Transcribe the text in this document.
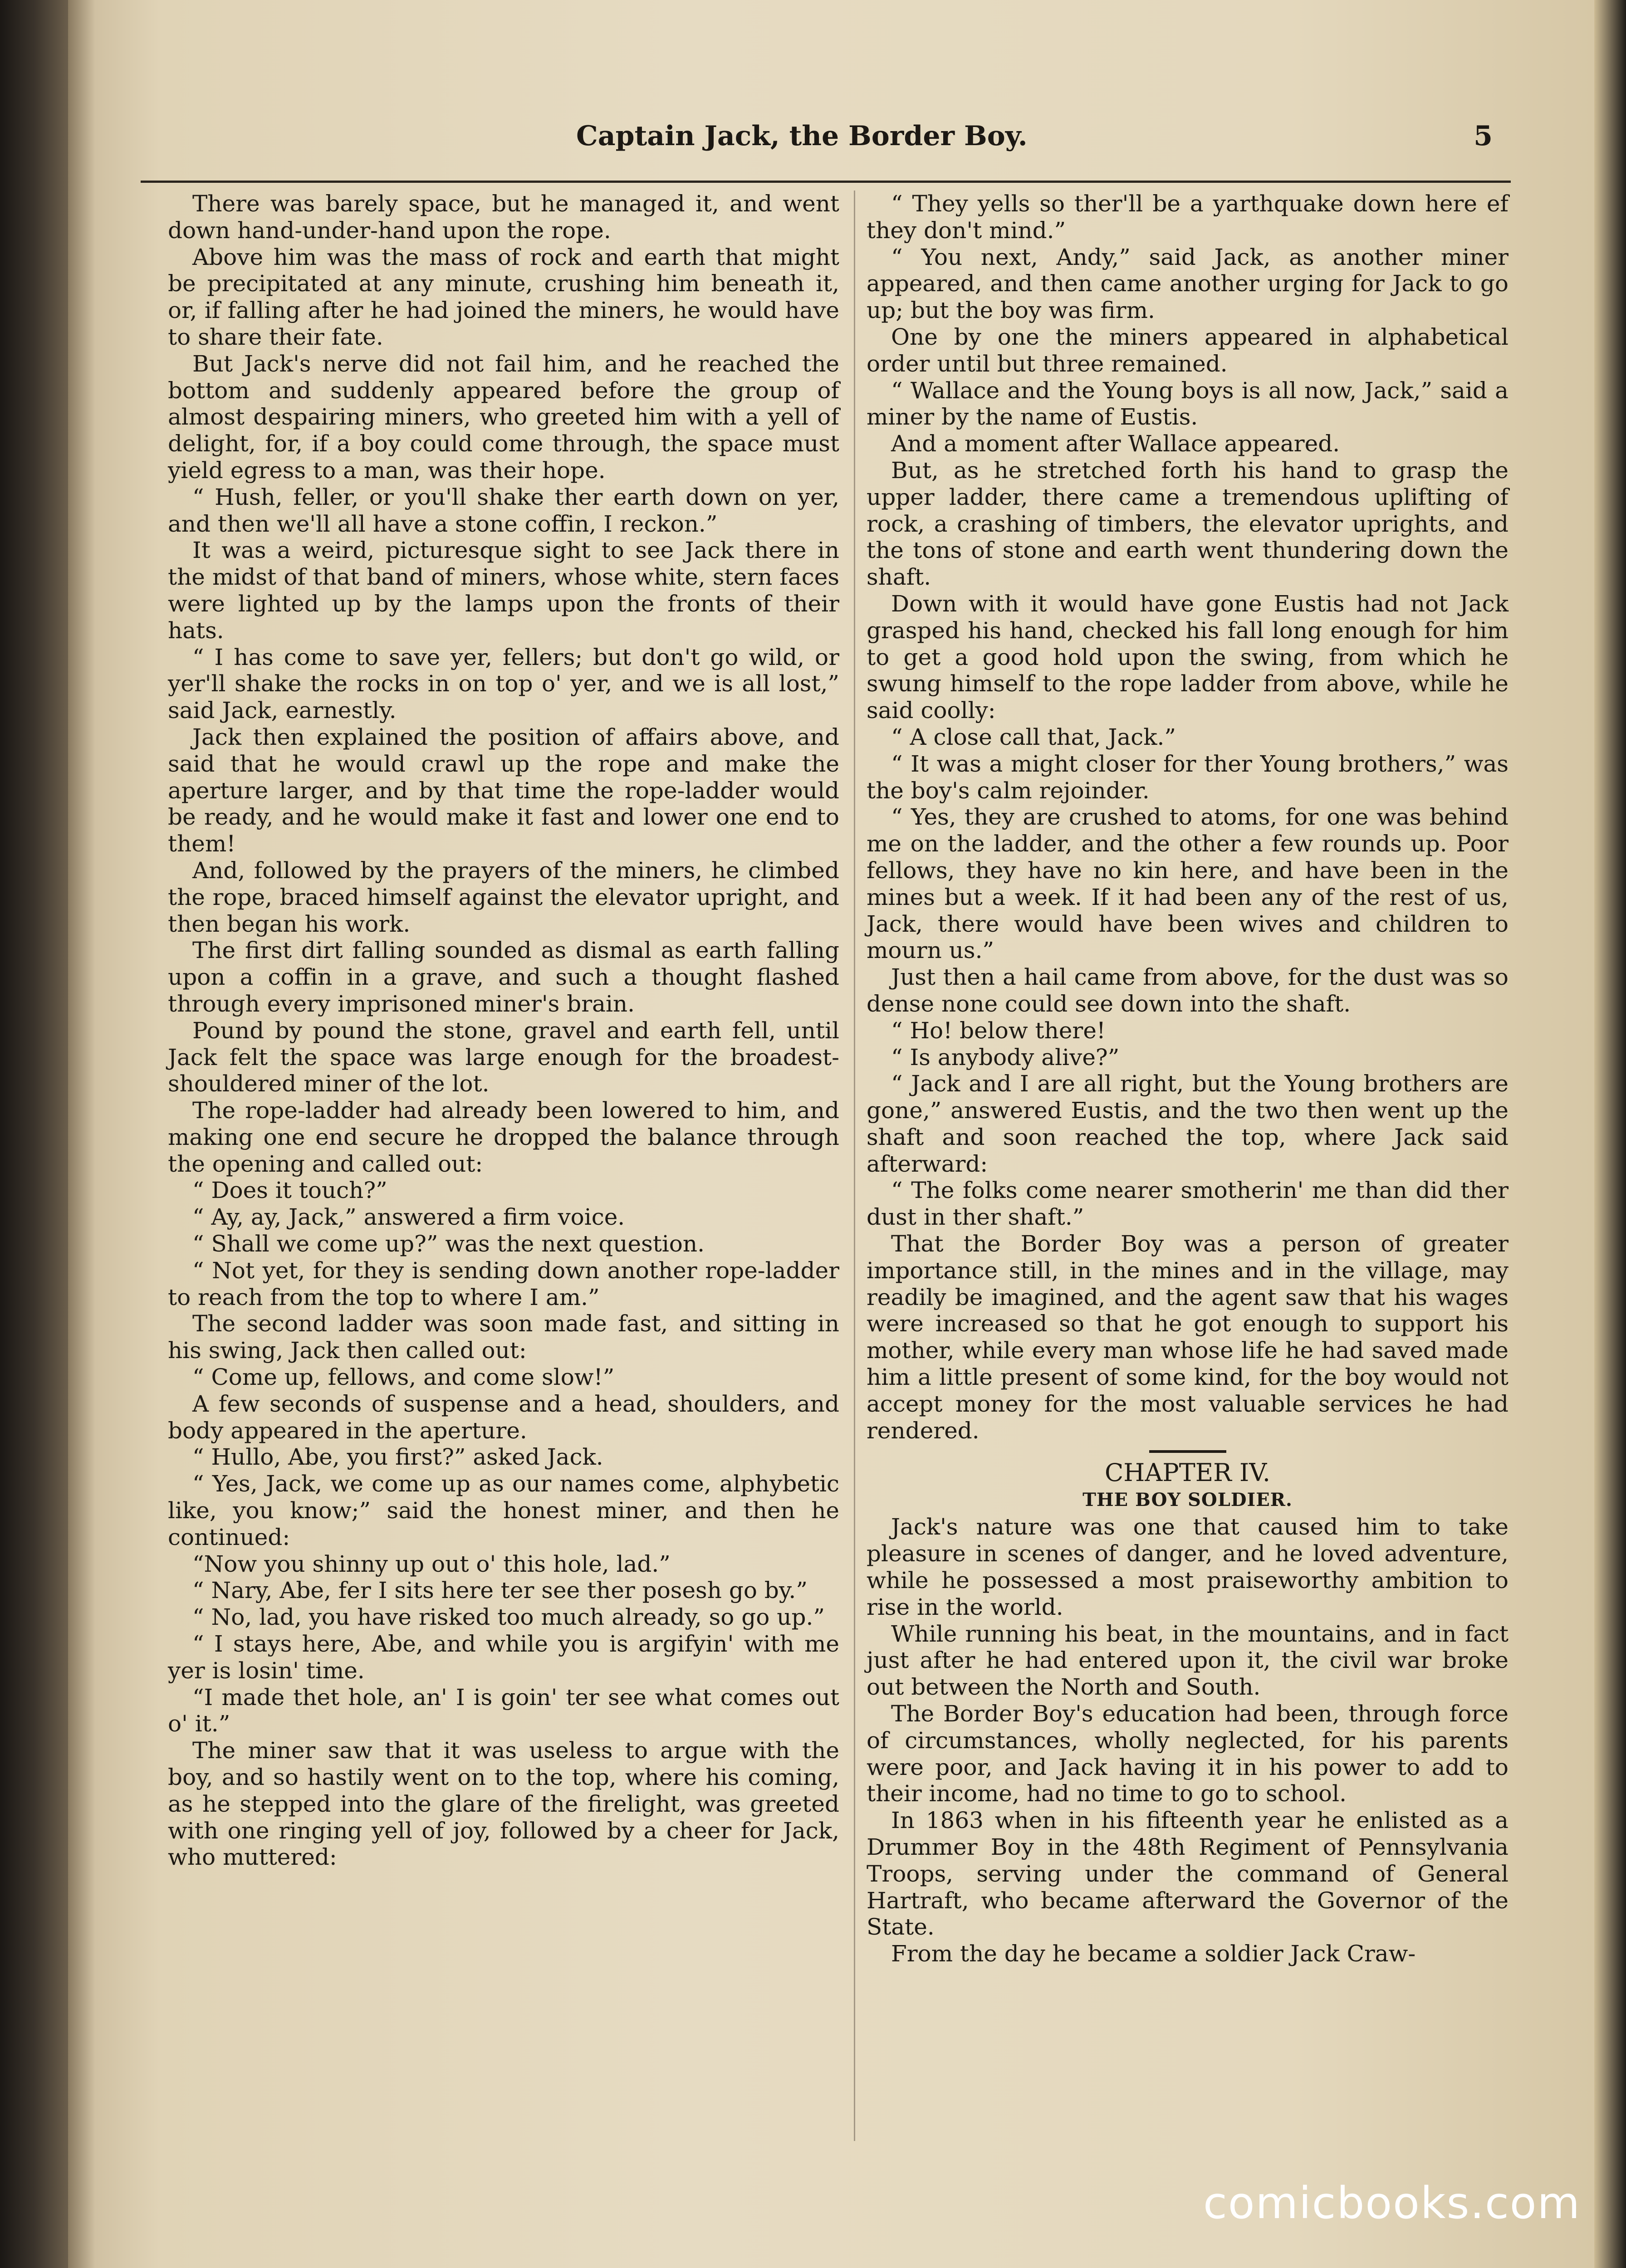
Captain Jack, the Border Boy.	5

There was barely space, but he managed it, and went down hand-under-hand upon the rope.

Above him was the mass of rock and earth that might be precipitated at any minute, crushing him beneath it, or, if falling after he had joined the miners, he would have to share their fate.

But Jack's nerve did not fail him, and he reached the bottom and suddenly appeared before the group of almost despairing miners, who greeted him with a yell of delight, for, if a boy could come through, the space must yield egress to a man, was their hope.

“ Hush, feller, or you'll shake ther earth down on yer, and then we'll all have a stone coffin, I reckon.”

It was a weird, picturesque sight to see Jack there in the midst of that band of miners, whose white, stern faces were lighted up by the lamps upon the fronts of their hats.

“ I has come to save yer, fellers; but don't go wild, or yer'll shake the rocks in on top o' yer, and we is all lost,” said Jack, earnestly.

Jack then explained the position of affairs above, and said that he would crawl up the rope and make the aperture larger, and by that time the rope-ladder would be ready, and he would make it fast and lower one end to them!

And, followed by the prayers of the miners, he climbed the rope, braced himself against the elevator upright, and then began his work.

The first dirt falling sounded as dismal as earth falling upon a coffin in a grave, and such a thought flashed through every imprisoned miner's brain.

Pound by pound the stone, gravel and earth fell, until Jack felt the space was large enough for the broadest-shouldered miner of the lot.

The rope-ladder had already been lowered to him, and making one end secure he dropped the balance through the opening and called out:

“ Does it touch?”

“ Ay, ay, Jack,” answered a firm voice.

“ Shall we come up?” was the next question.

“ Not yet, for they is sending down another rope-ladder to reach from the top to where I am.”

The second ladder was soon made fast, and sitting in his swing, Jack then called out:

“ Come up, fellows, and come slow!”

A few seconds of suspense and a head, shoulders, and body appeared in the aperture.

“ Hullo, Abe, you first?” asked Jack.

“ Yes, Jack, we come up as our names come, alphybetic like, you know;” said the honest miner, and then he continued:

“Now you shinny up out o' this hole, lad.”

“ Nary, Abe, fer I sits here ter see ther posesh go by.”

“ No, lad, you have risked too much already, so go up.”

“ I stays here, Abe, and while you is argifyin' with me yer is losin' time.

“I made thet hole, an' I is goin' ter see what comes out o' it.”

The miner saw that it was useless to argue with the boy, and so hastily went on to the top, where his coming, as he stepped into the glare of the firelight, was greeted with one ringing yell of joy, followed by a cheer for Jack, who muttered:

“ They yells so ther'll be a yarthquake down here ef they don't mind.”

“ You next, Andy,” said Jack, as another miner appeared, and then came another urging for Jack to go up; but the boy was firm.

One by one the miners appeared in alphabetical order until but three remained.

“ Wallace and the Young boys is all now, Jack,” said a miner by the name of Eustis.

And a moment after Wallace appeared.

But, as he stretched forth his hand to grasp the upper ladder, there came a tremendous uplifting of rock, a crashing of timbers, the elevator uprights, and the tons of stone and earth went thundering down the shaft.

Down with it would have gone Eustis had not Jack grasped his hand, checked his fall long enough for him to get a good hold upon the swing, from which he swung himself to the rope ladder from above, while he said coolly:

“ A close call that, Jack.”

“ It was a might closer for ther Young brothers,” was the boy's calm rejoinder.

“ Yes, they are crushed to atoms, for one was behind me on the ladder, and the other a few rounds up. Poor fellows, they have no kin here, and have been in the mines but a week. If it had been any of the rest of us, Jack, there would have been wives and children to mourn us.”

Just then a hail came from above, for the dust was so dense none could see down into the shaft.

“ Ho! below there!

“ Is anybody alive?”

“ Jack and I are all right, but the Young brothers are gone,” answered Eustis, and the two then went up the shaft and soon reached the top, where Jack said afterward:

“ The folks come nearer smotherin' me than did ther dust in ther shaft.”

That the Border Boy was a person of greater importance still, in the mines and in the village, may readily be imagined, and the agent saw that his wages were increased so that he got enough to support his mother, while every man whose life he had saved made him a little present of some kind, for the boy would not accept money for the most valuable services he had rendered.

CHAPTER IV.

THE BOY SOLDIER.

Jack's nature was one that caused him to take pleasure in scenes of danger, and he loved adventure, while he possessed a most praiseworthy ambition to rise in the world.

While running his beat, in the mountains, and in fact just after he had entered upon it, the civil war broke out between the North and South.

The Border Boy's education had been, through force of circumstances, wholly neglected, for his parents were poor, and Jack having it in his power to add to their income, had no time to go to school.

In 1863 when in his fifteenth year he enlisted as a Drummer Boy in the 48th Regiment of Pennsylvania Troops, serving under the command of General Hartraft, who became afterward the Governor of the State.

From the day he became a soldier Jack Craw-

comicbooks.com
